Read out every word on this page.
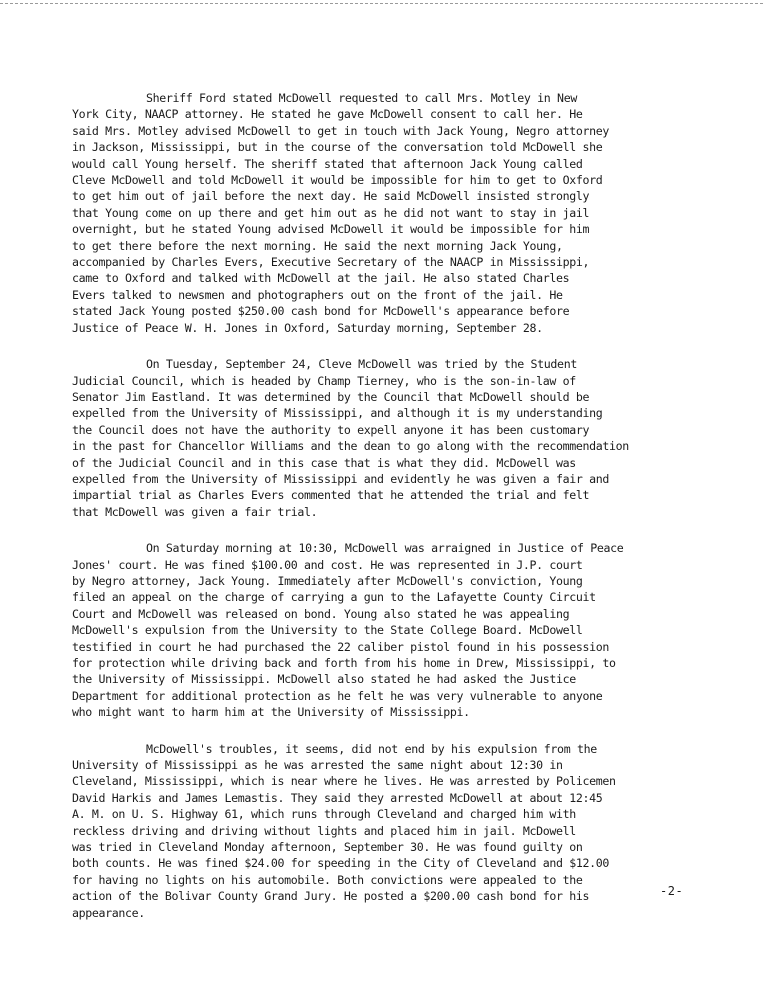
Sheriff Ford stated McDowell requested to call Mrs. Motley in New
York City, NAACP attorney. He stated he gave McDowell consent to call her. He
said Mrs. Motley advised McDowell to get in touch with Jack Young, Negro attorney
in Jackson, Mississippi, but in the course of the conversation told McDowell she
would call Young herself. The sheriff stated that afternoon Jack Young called
Cleve McDowell and told McDowell it would be impossible for him to get to Oxford
to get him out of jail before the next day. He said McDowell insisted strongly
that Young come on up there and get him out as he did not want to stay in jail
overnight, but he stated Young advised McDowell it would be impossible for him
to get there before the next morning. He said the next morning Jack Young,
accompanied by Charles Evers, Executive Secretary of the NAACP in Mississippi,
came to Oxford and talked with McDowell at the jail. He also stated Charles
Evers talked to newsmen and photographers out on the front of the jail. He
stated Jack Young posted $250.00 cash bond for McDowell's appearance before
Justice of Peace W. H. Jones in Oxford, Saturday morning, September 28.

On Tuesday, September 24, Cleve McDowell was tried by the Student
Judicial Council, which is headed by Champ Tierney, who is the son-in-law of
Senator Jim Eastland. It was determined by the Council that McDowell should be
expelled from the University of Mississippi, and although it is my understanding
the Council does not have the authority to expell anyone it has been customary
in the past for Chancellor Williams and the dean to go along with the recommendation
of the Judicial Council and in this case that is what they did. McDowell was
expelled from the University of Mississippi and evidently he was given a fair and
impartial trial as Charles Evers commented that he attended the trial and felt
that McDowell was given a fair trial.

On Saturday morning at 10:30, McDowell was arraigned in Justice of Peace
Jones' court. He was fined $100.00 and cost. He was represented in J.P. court
by Negro attorney, Jack Young. Immediately after McDowell's conviction, Young
filed an appeal on the charge of carrying a gun to the Lafayette County Circuit
Court and McDowell was released on bond. Young also stated he was appealing
McDowell's expulsion from the University to the State College Board. McDowell
testified in court he had purchased the 22 caliber pistol found in his possession
for protection while driving back and forth from his home in Drew, Mississippi, to
the University of Mississippi. McDowell also stated he had asked the Justice
Department for additional protection as he felt he was very vulnerable to anyone
who might want to harm him at the University of Mississippi.

McDowell's troubles, it seems, did not end by his expulsion from the
University of Mississippi as he was arrested the same night about 12:30 in
Cleveland, Mississippi, which is near where he lives. He was arrested by Policemen
David Harkis and James Lemastis. They said they arrested McDowell at about 12:45
A. M. on U. S. Highway 61, which runs through Cleveland and charged him with
reckless driving and driving without lights and placed him in jail. McDowell
was tried in Cleveland Monday afternoon, September 30. He was found guilty on
both counts. He was fined $24.00 for speeding in the City of Cleveland and $12.00
for having no lights on his automobile. Both convictions were appealed to the
action of the Bolivar County Grand Jury. He posted a $200.00 cash bond for his
appearance.

-2-
